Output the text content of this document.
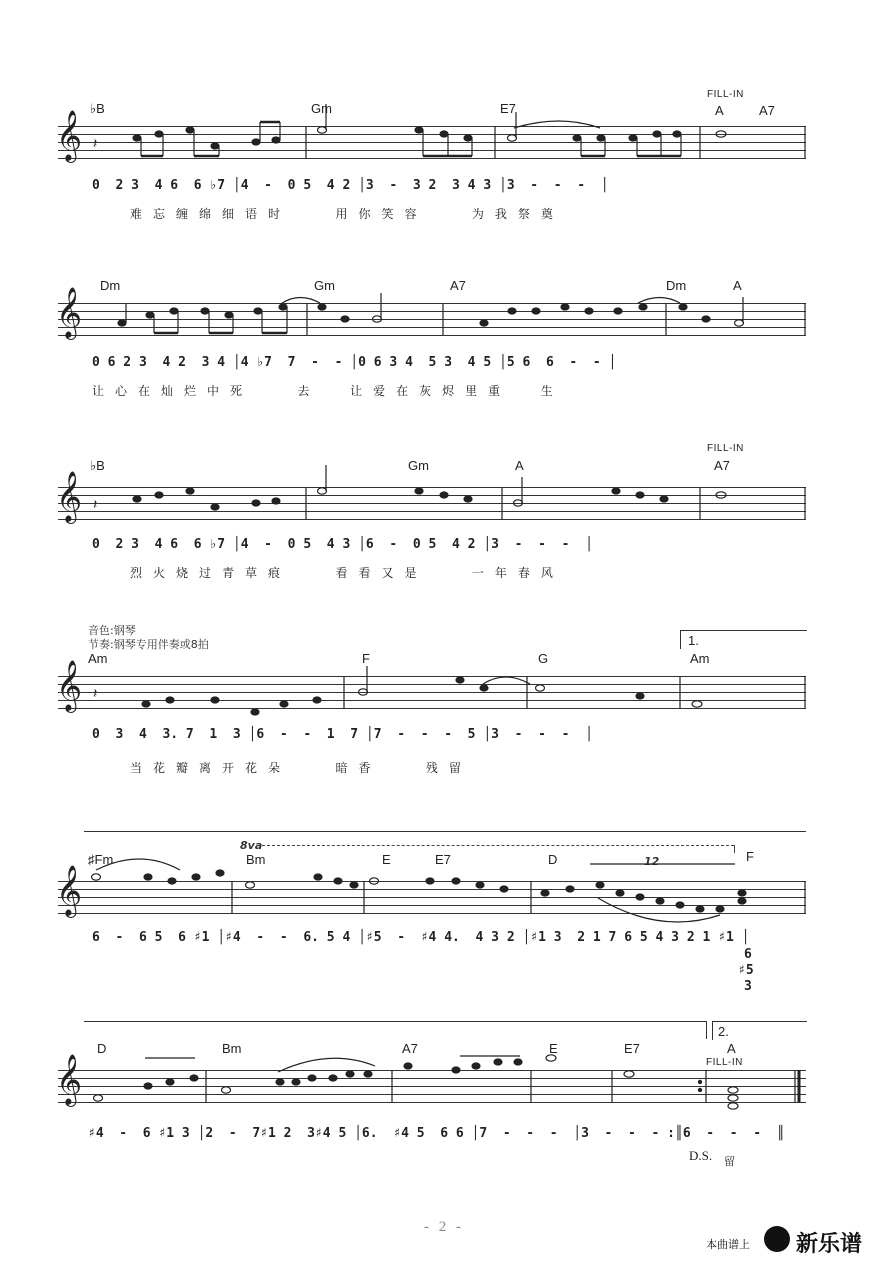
♭B	Gm	E7
FILL-IN
A	A7
𝄞
0  2 3  4 6  6 ♭7 │4  -  0 5  4 2 │3  -  3 2  3 4 3 │3  -  -  -  │
难忘缠绵细语时   用你笑容   为我祭奠
Dm	Gm	A7	Dm	A
𝄞
0 6 2 3  4 2  3 4 │4 ♭7  7  -  - │0 6 3 4  5 3  4 5 │5 6  6  -  - │
让心在灿烂中死   去  让爱在灰烬里重  生
♭B	Gm	A
FILL-IN
A7
𝄞
0  2 3  4 6  6 ♭7 │4  -  0 5  4 3 │6  -  0 5  4 2 │3  -  -  -  │
烈火烧过青草痕   看看又是   一年春风
音色:钢琴
节奏:钢琴专用伴奏或8拍	1.
Am	F	G	Am
𝄞
0  3  4  3. 7  1  3 │6  -  -  1  7 │7  -  -  -  5 │3  -  -  -  │
当花瓣离开花朵   暗香   残留
8va
♯Fm	Bm	E	E7	D	F
12
𝄞
6  -  6 5  6 ♯1 │♯4  -  -  6. 5 4 │♯5  -  ♯4 4.  4 3 2 │♯1 3  2 1 7 6 5 4 3 2 1 ♯1 │
6
♯5
3
2.
D	Bm	A7	E	E7	A
FILL-IN
𝄞
♯4  -  6 ♯1 3 │2  -  7♯1 2  3♯4 5 │6.  ♯4 5  6 6 │7  -  -  -  │3  -  -  - :║6  -  -  -  ║
D.S. 留
𝄽
𝄽
𝄽
- 2 -
本曲谱上 新乐谱
